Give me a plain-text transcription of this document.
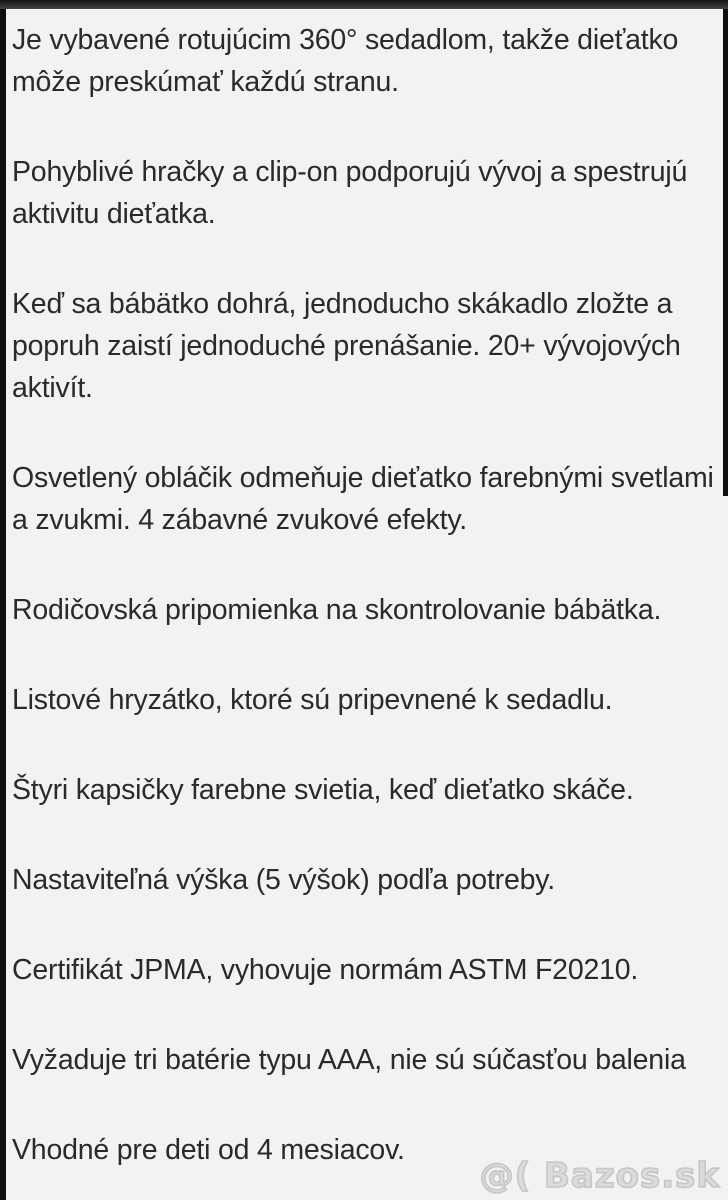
Je vybavené rotujúcim 360° sedadlom, takže dieťatko
môže preskúmať každú stranu.
Pohyblivé hračky a clip-on podporujú vývoj a spestrujú
aktivitu dieťatka.
Keď sa bábätko dohrá, jednoducho skákadlo zložte a
popruh zaistí jednoduché prenášanie. 20+ vývojových
aktivít.
Osvetlený obláčik odmeňuje dieťatko farebnými svetlami
a zvukmi. 4 zábavné zvukové efekty.
Rodičovská pripomienka na skontrolovanie bábätka.
Listové hryzátko, ktoré sú pripevnené k sedadlu.
Štyri kapsičky farebne svietia, keď dieťatko skáče.
Nastaviteľná výška (5 výšok) podľa potreby.
Certifikát JPMA, vyhovuje normám ASTM F20210.
Vyžaduje tri batérie typu AAA, nie sú súčasťou balenia
Vhodné pre deti od 4 mesiacov.
@( Bazos.sk
